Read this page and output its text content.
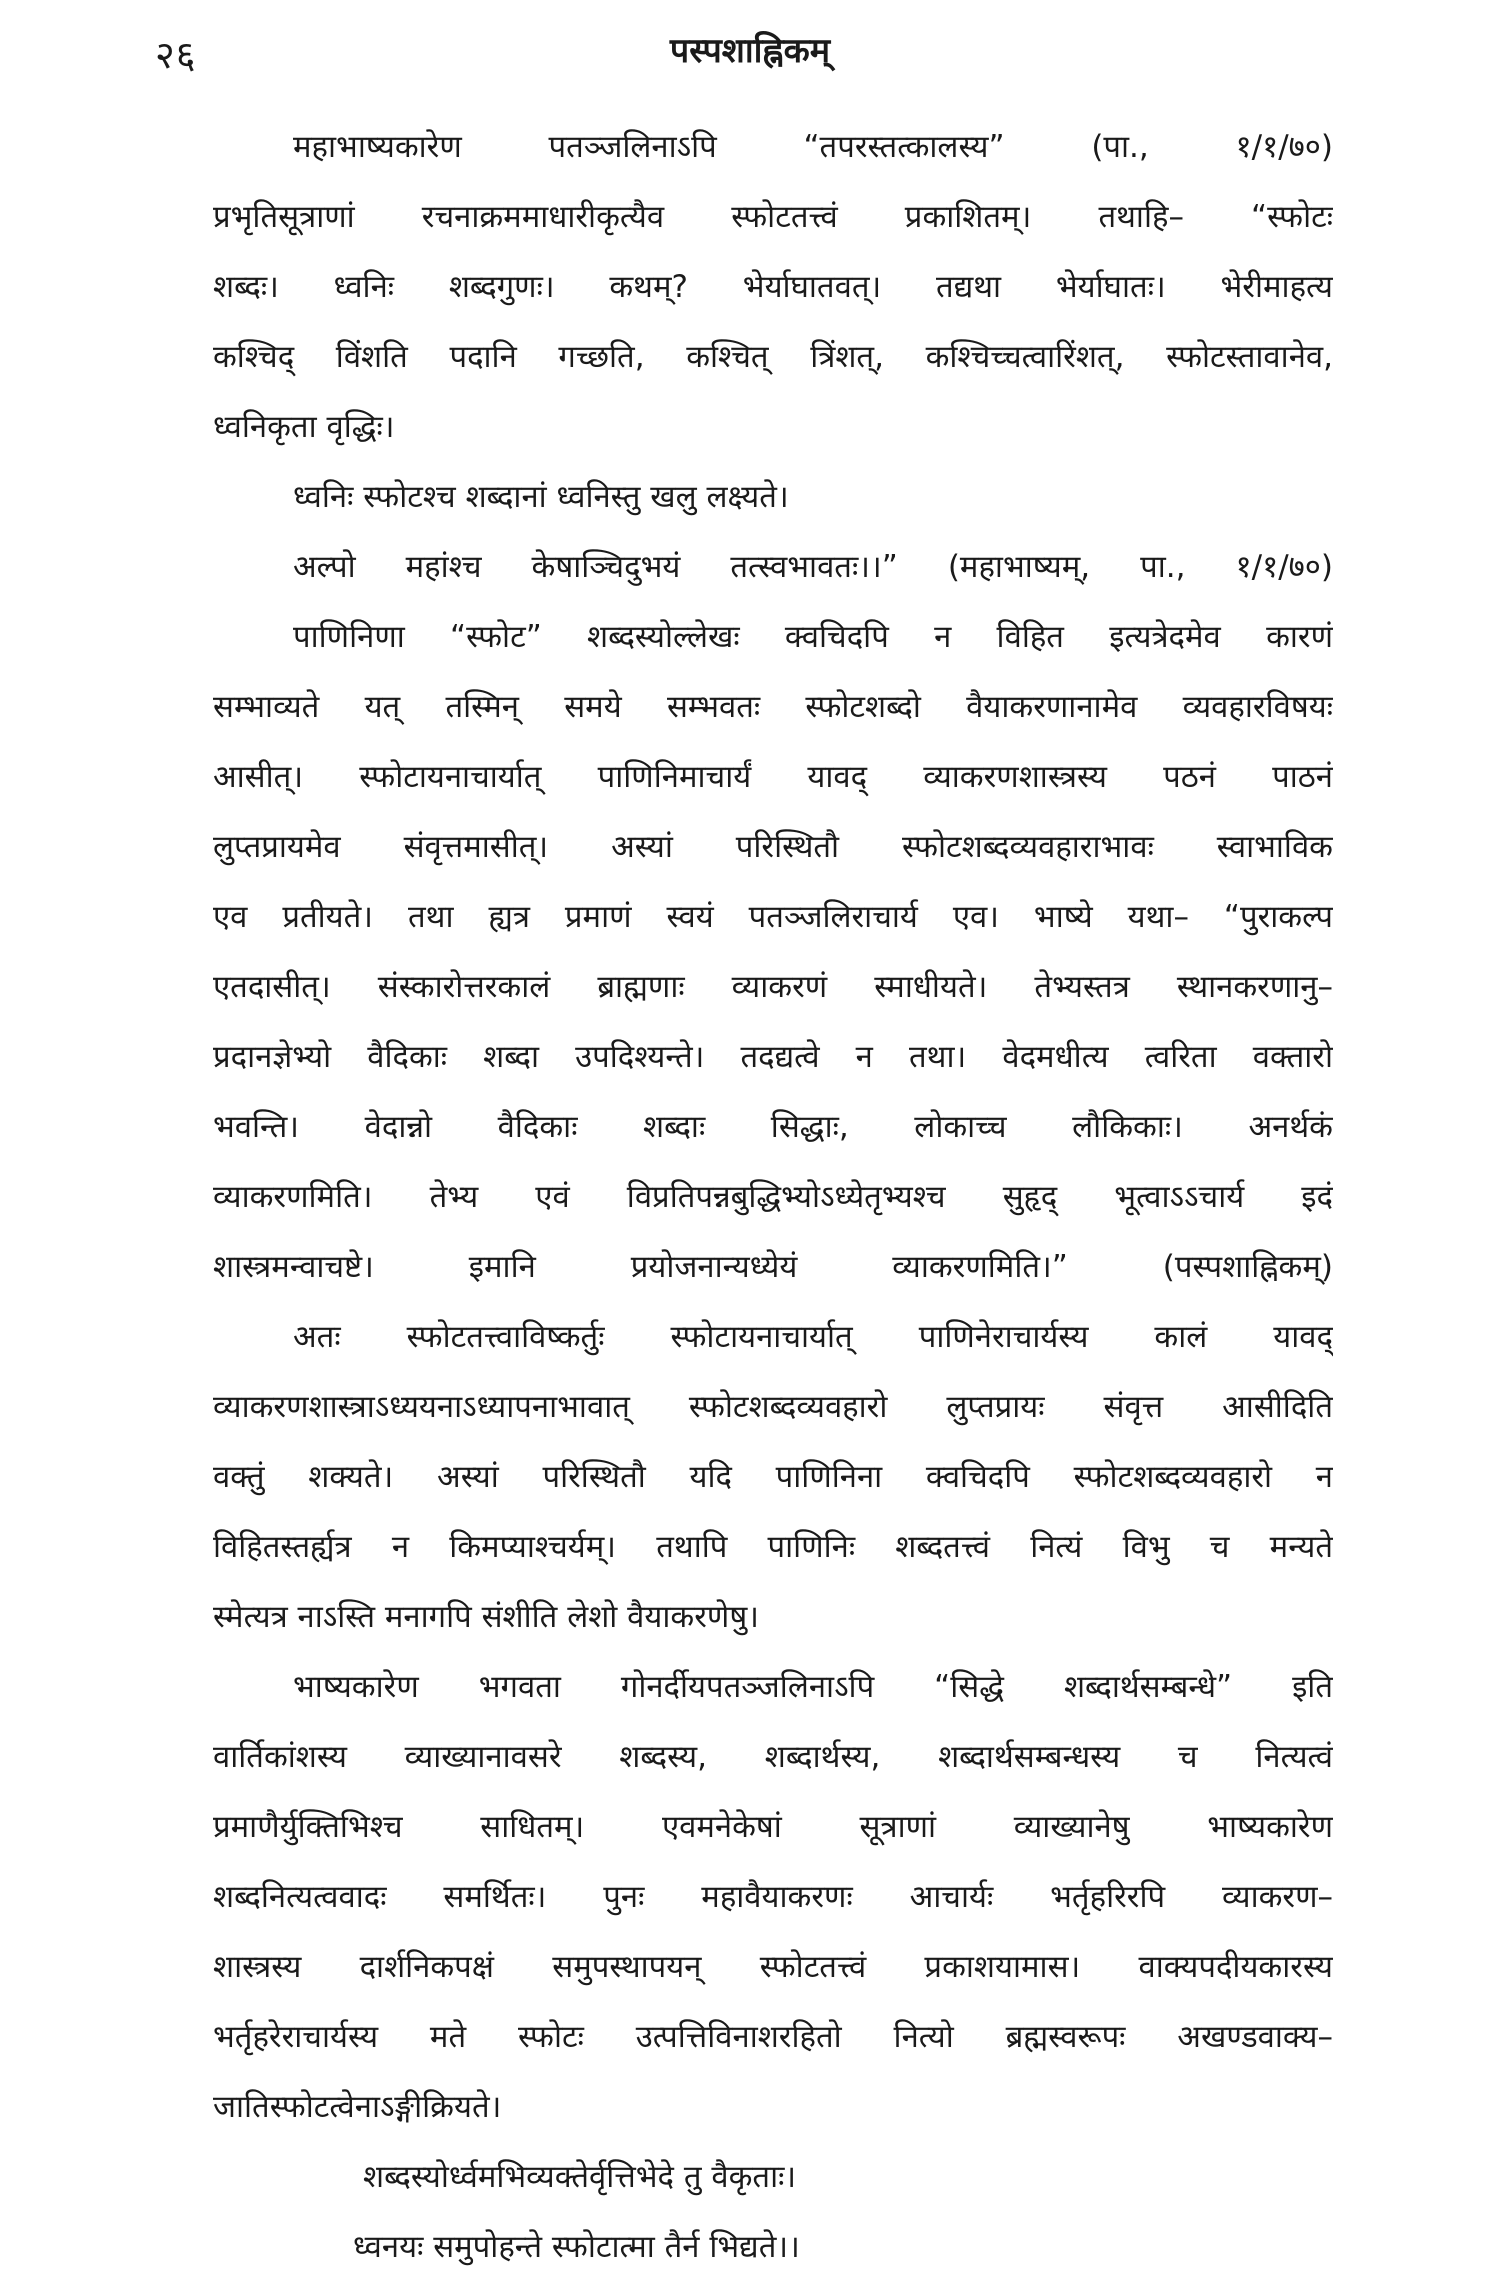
२६	पस्पशाह्निकम्
महाभाष्यकारेण पतञ्जलिनाऽपि “तपरस्तत्कालस्य” (पा., १/१/७०)
प्रभृतिसूत्राणां रचनाक्रममाधारीकृत्यैव स्फोटतत्त्वं प्रकाशितम्। तथाहि– “स्फोटः
शब्दः। ध्वनिः शब्दगुणः। कथम्? भेर्याघातवत्। तद्यथा भेर्याघातः। भेरीमाहत्य
कश्चिद् विंशति पदानि गच्छति, कश्चित् त्रिंशत्, कश्चिच्चत्वारिंशत्, स्फोटस्तावानेव,
ध्वनिकृता वृद्धिः।
ध्वनिः स्फोटश्च शब्दानां ध्वनिस्तु खलु लक्ष्यते।
अल्पो महांश्च केषाञ्चिदुभयं तत्स्वभावतः।।” (महाभाष्यम्, पा., १/१/७०)
पाणिनिणा “स्फोट” शब्दस्योल्लेखः क्वचिदपि न विहित इत्यत्रेदमेव कारणं
सम्भाव्यते यत् तस्मिन् समये सम्भवतः स्फोटशब्दो वैयाकरणानामेव व्यवहारविषयः
आसीत्। स्फोटायनाचार्यात् पाणिनिमाचार्यं यावद् व्याकरणशास्त्रस्य पठनं पाठनं
लुप्तप्रायमेव संवृत्तमासीत्। अस्यां परिस्थितौ स्फोटशब्दव्यवहाराभावः स्वाभाविक
एव प्रतीयते। तथा ह्यत्र प्रमाणं स्वयं पतञ्जलिराचार्य एव। भाष्ये यथा– “पुराकल्प
एतदासीत्। संस्कारोत्तरकालं ब्राह्मणाः व्याकरणं स्माधीयते। तेभ्यस्तत्र स्थानकरणानु–
प्रदानज्ञेभ्यो वैदिकाः शब्दा उपदिश्यन्ते। तदद्यत्वे न तथा। वेदमधीत्य त्वरिता वक्तारो
भवन्ति। वेदान्नो वैदिकाः शब्दाः सिद्धाः, लोकाच्च लौकिकाः। अनर्थकं
व्याकरणमिति। तेभ्य एवं विप्रतिपन्नबुद्धिभ्योऽध्येतृभ्यश्च सुहृद् भूत्वाऽऽचार्य इदं
शास्त्रमन्वाचष्टे। इमानि प्रयोजनान्यध्येयं व्याकरणमिति।” (पस्पशाह्निकम्)
अतः स्फोटतत्त्वाविष्कर्तुः स्फोटायनाचार्यात् पाणिनेराचार्यस्य कालं यावद्
व्याकरणशास्त्राऽध्ययनाऽध्यापनाभावात् स्फोटशब्दव्यवहारो लुप्तप्रायः संवृत्त आसीदिति
वक्तुं शक्यते। अस्यां परिस्थितौ यदि पाणिनिना क्वचिदपि स्फोटशब्दव्यवहारो न
विहितस्तर्ह्यत्र न किमप्याश्चर्यम्। तथापि पाणिनिः शब्दतत्त्वं नित्यं विभु च मन्यते
स्मेत्यत्र नाऽस्ति मनागपि संशीति लेशो वैयाकरणेषु।
भाष्यकारेण भगवता गोनर्दीयपतञ्जलिनाऽपि “सिद्धे शब्दार्थसम्बन्धे” इति
वार्तिकांशस्य व्याख्यानावसरे शब्दस्य, शब्दार्थस्य, शब्दार्थसम्बन्धस्य च नित्यत्वं
प्रमाणैर्युक्तिभिश्च साधितम्। एवमनेकेषां सूत्राणां व्याख्यानेषु भाष्यकारेण
शब्दनित्यत्ववादः समर्थितः। पुनः महावैयाकरणः आचार्यः भर्तृहरिरपि व्याकरण–
शास्त्रस्य दार्शनिकपक्षं समुपस्थापयन् स्फोटतत्त्वं प्रकाशयामास। वाक्यपदीयकारस्य
भर्तृहरेराचार्यस्य मते स्फोटः उत्पत्तिविनाशरहितो नित्यो ब्रह्मस्वरूपः अखण्डवाक्य–
जातिस्फोटत्वेनाऽङ्गीक्रियते।
शब्दस्योर्ध्वमभिव्यक्तेर्वृत्तिभेदे तु वैकृताः।
ध्वनयः समुपोहन्ते स्फोटात्मा तैर्न भिद्यते।।
